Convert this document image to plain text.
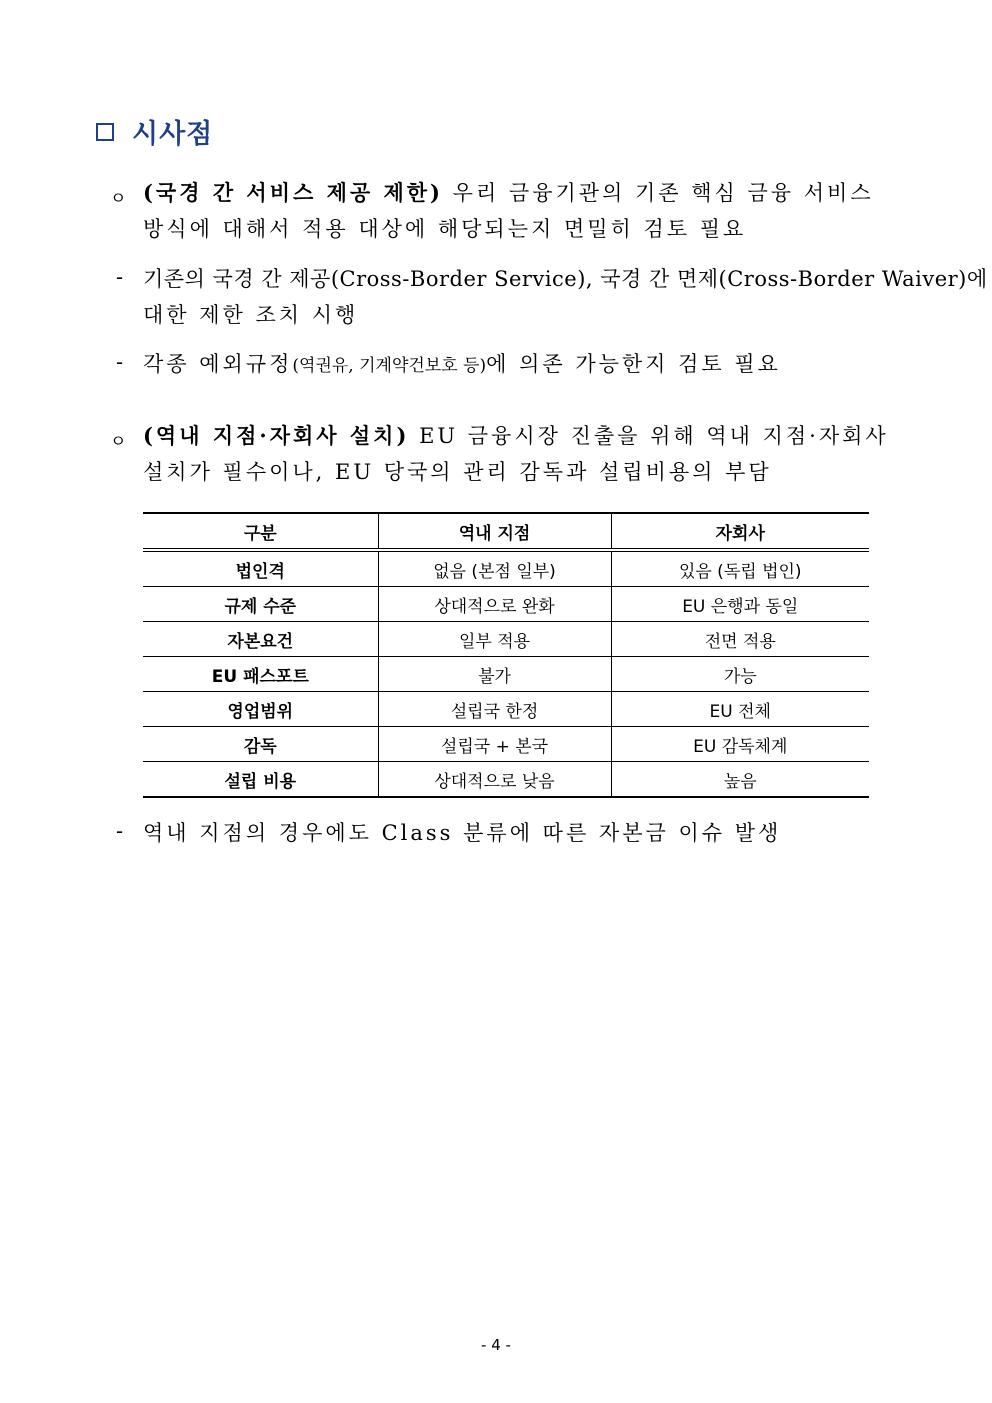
시사점
ㅇ (국경 간 서비스 제공 제한) 우리 금융기관의 기존 핵심 금융 서비스
방식에 대해서 적용 대상에 해당되는지 면밀히 검토 필요
- 기존의 국경 간 제공(Cross-Border Service), 국경 간 면제(Cross-Border Waiver)에
대한 제한 조치 시행
- 각종 예외규정(역권유, 기계약건보호 등)에 의존 가능한지 검토 필요
ㅇ (역내 지점·자회사 설치) EU 금융시장 진출을 위해 역내 지점·자회사
설치가 필수이나, EU 당국의 관리 감독과 설립비용의 부담
구분	역내 지점	자회사
법인격	없음 (본점 일부)	있음 (독립 법인)
규제 수준	상대적으로 완화	EU 은행과 동일
자본요건	일부 적용	전면 적용
EU 패스포트	불가	가능
영업범위	설립국 한정	EU 전체
감독	설립국 + 본국	EU 감독체계
설립 비용	상대적으로 낮음	높음
- 역내 지점의 경우에도 Class 분류에 따른 자본금 이슈 발생
- 4 -
